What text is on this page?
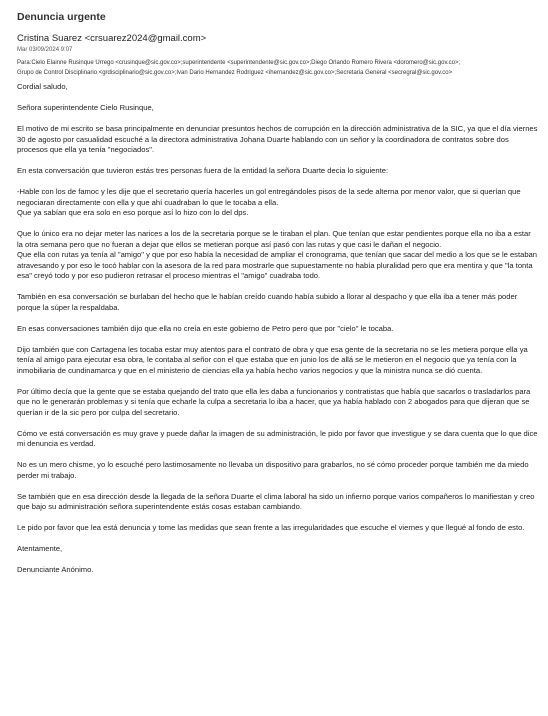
Denuncia urgente
Cristina Suarez <crsuarez2024@gmail.com>
Mar 03/09/2024 9:07
Para:Cielo Elainne Rusinque Urrego <crusinque@sic.gov.co>;superintendente <superintendente@sic.gov.co>;Diego Orlando Romero Rivera <doromero@sic.gov.co>;
Grupo de Control Disciplinario <grdisciplinario@sic.gov.co>;Ivan Dario Hernandez Rodriguez <ihernandez@sic.gov.co>;Secretaria General <secregral@sic.gov.co>

Cordial saludo,

Señora superintendente Cielo Rusinque,

El motivo de mi escrito se basa principalmente en denunciar presuntos hechos de corrupción en la dirección administrativa de la SIC, ya que el día viernes 30 de agosto por casualidad escuché a la directora administrativa Johana Duarte hablando con un señor y la coordinadora de contratos sobre dos procesos que ella ya tenía "negociados".

En esta conversación que tuvieron estás tres personas fuera de la entidad la señora Duarte decia lo siguiente:

-Hable con los de famoc y les dije que el secretario quería hacerles un gol entregándoles pisos de la sede alterna por menor valor, que si querían que negociaran directamente con ella y que ahí cuadraban lo que le tocaba a ella.
Que ya sabían que era solo en eso porque así lo hizo con lo del dps.

Que lo único era no dejar meter las narices a los de la secretaria porque se le tiraban el plan. Que tenían que estar pendientes porque ella no iba a estar la otra semana pero que no fueran a dejar que ellos se metieran porque así pasó con las rutas y que casi le dañan el negocio.
Que ella con rutas ya tenía al "amigo" y que por eso había la necesidad de ampliar el cronograma, que tenían que sacar del medio a los que se le estaban atravesando y por eso le tocó hablar con la asesora de la red para mostrarle que supuestamente no había pluralidad pero que era mentira y que "la tonta esa" creyó todo y por eso pudieron retrasar el proceso mientras el "amigo" cuadraba todo.

También en esa conversación se burlaban del hecho que le habían creído cuando había subido a llorar al despacho y que ella iba a tener más poder porque la súper la respaldaba.

En esas conversaciones también dijo que ella no creía en este gobierno de Petro pero que por "cielo" le tocaba.

Dijo también que con Cartagena les tocaba estar muy atentos para el contrato de obra y que esa gente de la secretaria no se les metiera porque ella ya tenía al amigo para ejecutar esa obra, le contaba al señor con el que estaba que en junio los de allá se le metieron en el negocio que ya tenía con la inmobiliaria de cundinamarca y que en el ministerio de ciencias ella ya había hecho varios negocios y que la ministra nunca se dió cuenta.

Por último decía que la gente que se estaba quejando del trato que ella les daba a funcionarios y contratistas que había que sacarlos o trasladarlos para que no le generarán problemas y si tenía que echarle la culpa a secretaria lo iba a hacer, que ya había hablado con 2 abogados para que dijeran que se querían ir de la sic pero por culpa del secretario.

Cómo ve está conversación es muy grave y puede dañar la imagen de su administración, le pido por favor que investigue y se dara cuenta que lo que dice mi denuncia es verdad.

No es un mero chisme, yo lo escuché pero lastimosamente no llevaba un dispositivo para grabarlos, no sé cómo proceder porque también me da miedo perder mi trabajo.

Se también que en esa dirección desde la llegada de la señora Duarte el clima laboral ha sido un infierno porque varios compañeros lo manifiestan y creo que bajo su administración señora superintendente estás cosas estaban cambiando.

Le pido por favor que lea está denuncia y tome las medidas que sean frente a las irregularidades que escuche el viernes y que llegué al fondo de esto.

Atentamente,

Denunciante Anónimo.
